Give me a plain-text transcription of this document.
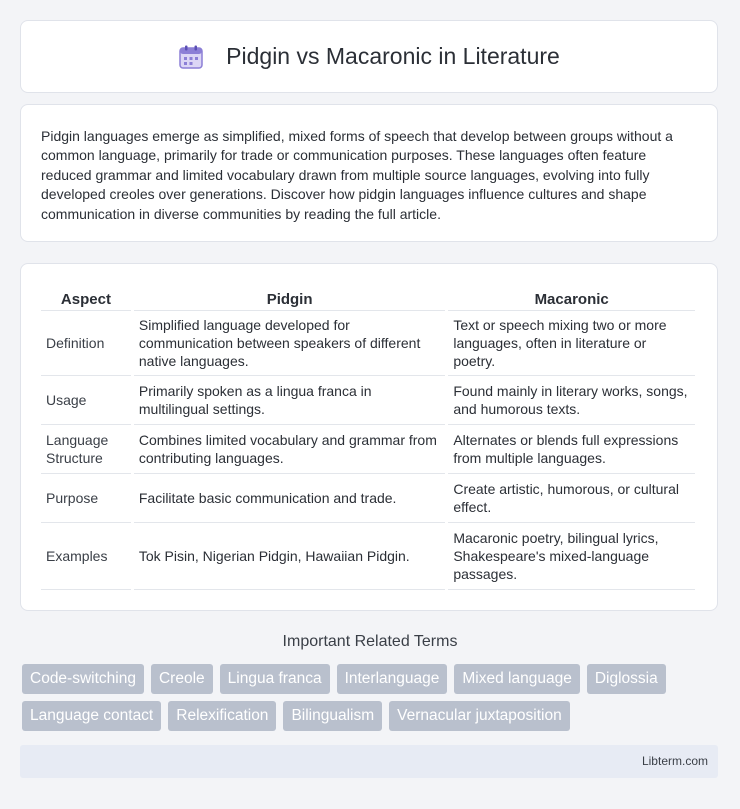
Pidgin vs Macaronic in Literature

Pidgin languages emerge as simplified, mixed forms of speech that develop between groups without a common language, primarily for trade or communication purposes. These languages often feature reduced grammar and limited vocabulary drawn from multiple source languages, evolving into fully developed creoles over generations. Discover how pidgin languages influence cultures and shape communication in diverse communities by reading the full article.

Aspect	Pidgin	Macaronic
Definition	Simplified language developed for communication between speakers of different native languages.	Text or speech mixing two or more languages, often in literature or poetry.
Usage	Primarily spoken as a lingua franca in multilingual settings.	Found mainly in literary works, songs, and humorous texts.
Language Structure	Combines limited vocabulary and grammar from contributing languages.	Alternates or blends full expressions from multiple languages.
Purpose	Facilitate basic communication and trade.	Create artistic, humorous, or cultural effect.
Examples	Tok Pisin, Nigerian Pidgin, Hawaiian Pidgin.	Macaronic poetry, bilingual lyrics, Shakespeare's mixed-language passages.
Important Related Terms
Code-switching	Creole	Lingua franca	Interlanguage	Mixed language	Diglossia
Language contact	Relexification	Bilingualism	Vernacular juxtaposition
Libterm.com
